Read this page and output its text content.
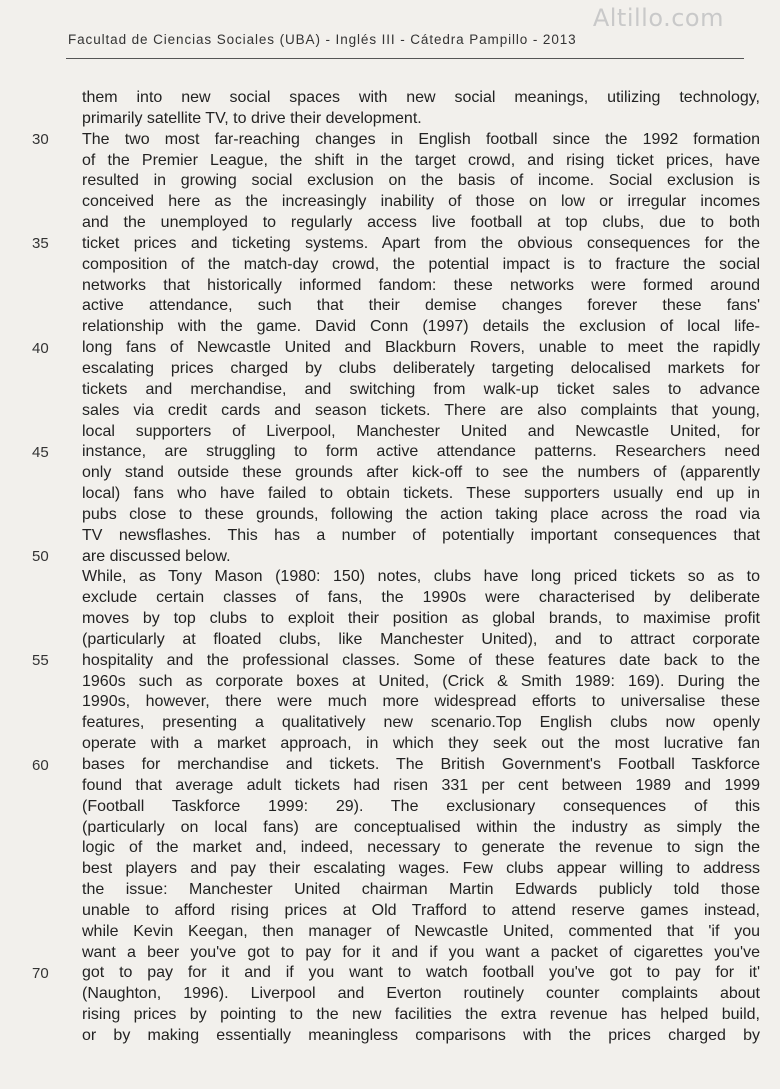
Altillo.com
Facultad de Ciencias Sociales (UBA) - Inglés III - Cátedra Pampillo - 2013
30
35
40
45
50
55
60
70
them into new social spaces with new social meanings, utilizing technology,
primarily satellite TV, to drive their development.
The two most far-reaching changes in English football since the 1992 formation
of the Premier League, the shift in the target crowd, and rising ticket prices, have
resulted in growing social exclusion on the basis of income. Social exclusion is
conceived here as the increasingly inability of those on low or irregular incomes
and the unemployed to regularly access live football at top clubs, due to both
ticket prices and ticketing systems. Apart from the obvious consequences for the
composition of the match-day crowd, the potential impact is to fracture the social
networks that historically informed fandom: these networks were formed around
active attendance, such that their demise changes forever these fans'
relationship with the game. David Conn (1997) details the exclusion of local life-
long fans of Newcastle United and Blackburn Rovers, unable to meet the rapidly
escalating prices charged by clubs deliberately targeting delocalised markets for
tickets and merchandise, and switching from walk-up ticket sales to advance
sales via credit cards and season tickets. There are also complaints that young,
local supporters of Liverpool, Manchester United and Newcastle United, for
instance, are struggling to form active attendance patterns. Researchers need
only stand outside these grounds after kick-off to see the numbers of (apparently
local) fans who have failed to obtain tickets. These supporters usually end up in
pubs close to these grounds, following the action taking place across the road via
TV newsflashes. This has a number of potentially important consequences that
are discussed below.
While, as Tony Mason (1980: 150) notes, clubs have long priced tickets so as to
exclude certain classes of fans, the 1990s were characterised by deliberate
moves by top clubs to exploit their position as global brands, to maximise profit
(particularly at floated clubs, like Manchester United), and to attract corporate
hospitality and the professional classes. Some of these features date back to the
1960s such as corporate boxes at United, (Crick & Smith 1989: 169). During the
1990s, however, there were much more widespread efforts to universalise these
features, presenting a qualitatively new scenario.Top English clubs now openly
operate with a market approach, in which they seek out the most lucrative fan
bases for merchandise and tickets. The British Government's Football Taskforce
found that average adult tickets had risen 331 per cent between 1989 and 1999
(Football Taskforce 1999: 29). The exclusionary consequences of this
(particularly on local fans) are conceptualised within the industry as simply the
logic of the market and, indeed, necessary to generate the revenue to sign the
best players and pay their escalating wages. Few clubs appear willing to address
the issue: Manchester United chairman Martin Edwards publicly told those
unable to afford rising prices at Old Trafford to attend reserve games instead,
while Kevin Keegan, then manager of Newcastle United, commented that 'if you
want a beer you've got to pay for it and if you want a packet of cigarettes you've
got to pay for it and if you want to watch football you've got to pay for it'
(Naughton, 1996). Liverpool and Everton routinely counter complaints about
rising prices by pointing to the new facilities the extra revenue has helped build,
or by making essentially meaningless comparisons with the prices charged by
